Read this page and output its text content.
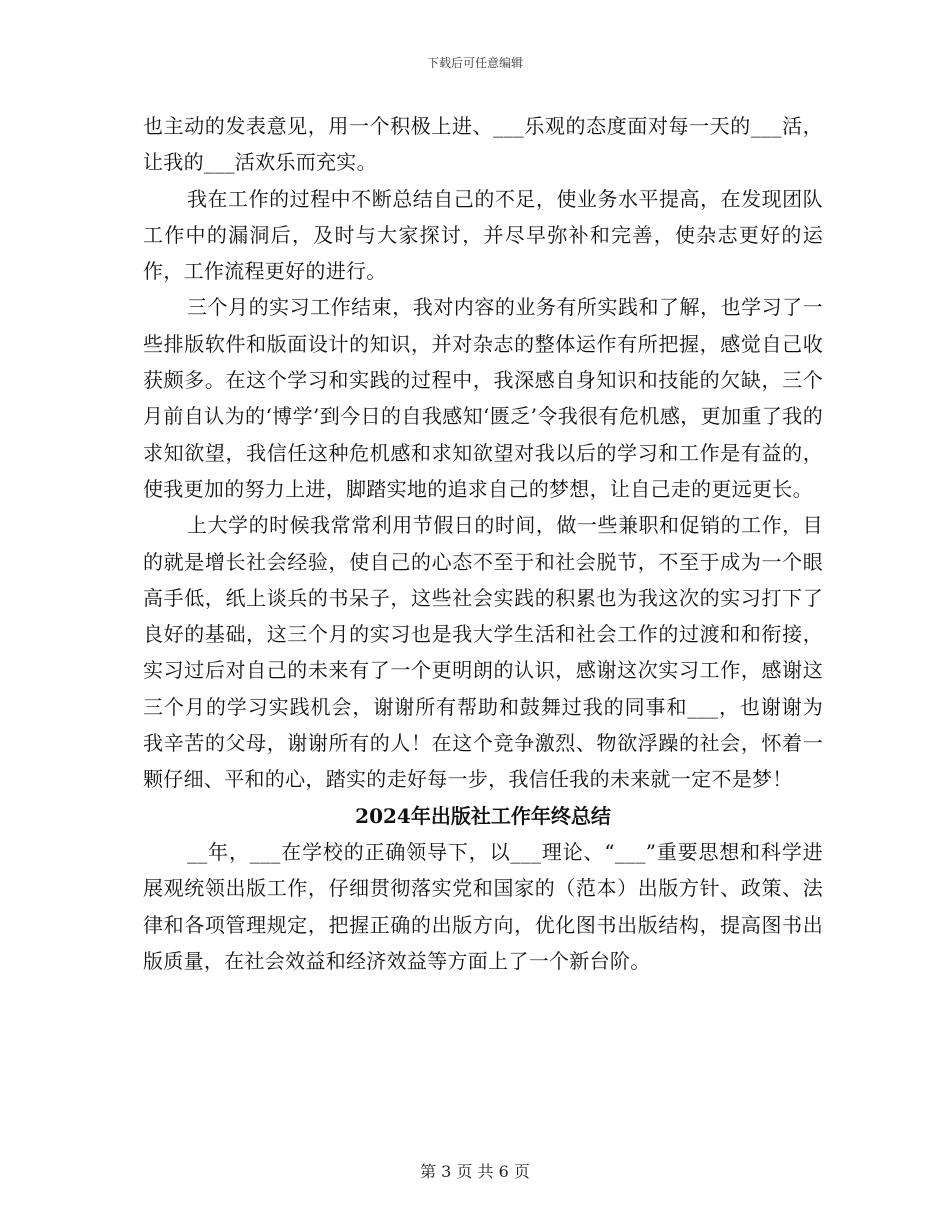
下载后可任意编辑

也主动的发表意见，用一个积极上进、___乐观的态度面对每一天的___活，让我的___活欢乐而充实。

我在工作的过程中不断总结自己的不足，使业务水平提高，在发现团队工作中的漏洞后，及时与大家探讨，并尽早弥补和完善，使杂志更好的运作，工作流程更好的进行。

三个月的实习工作结束，我对内容的业务有所实践和了解，也学习了一些排版软件和版面设计的知识，并对杂志的整体运作有所把握，感觉自己收获颇多。在这个学习和实践的过程中，我深感自身知识和技能的欠缺，三个月前自认为的‘博学’到今日的自我感知‘匮乏’令我很有危机感，更加重了我的求知欲望，我信任这种危机感和求知欲望对我以后的学习和工作是有益的，使我更加的努力上进，脚踏实地的追求自己的梦想，让自己走的更远更长。

上大学的时候我常常利用节假日的时间，做一些兼职和促销的工作，目的就是增长社会经验，使自己的心态不至于和社会脱节，不至于成为一个眼高手低，纸上谈兵的书呆子，这些社会实践的积累也为我这次的实习打下了良好的基础，这三个月的实习也是我大学生活和社会工作的过渡和和衔接，实习过后对自己的未来有了一个更明朗的认识，感谢这次实习工作，感谢这三个月的学习实践机会，谢谢所有帮助和鼓舞过我的同事和___，也谢谢为我辛苦的父母，谢谢所有的人！在这个竞争激烈、物欲浮躁的社会，怀着一颗仔细、平和的心，踏实的走好每一步，我信任我的未来就一定不是梦！

2024年出版社工作年终总结

__年，___在学校的正确领导下，以___理论、“___”重要思想和科学进展观统领出版工作，仔细贯彻落实党和国家的（范本）出版方针、政策、法律和各项管理规定，把握正确的出版方向，优化图书出版结构，提高图书出版质量，在社会效益和经济效益等方面上了一个新台阶。

第 3 页 共 6 页
